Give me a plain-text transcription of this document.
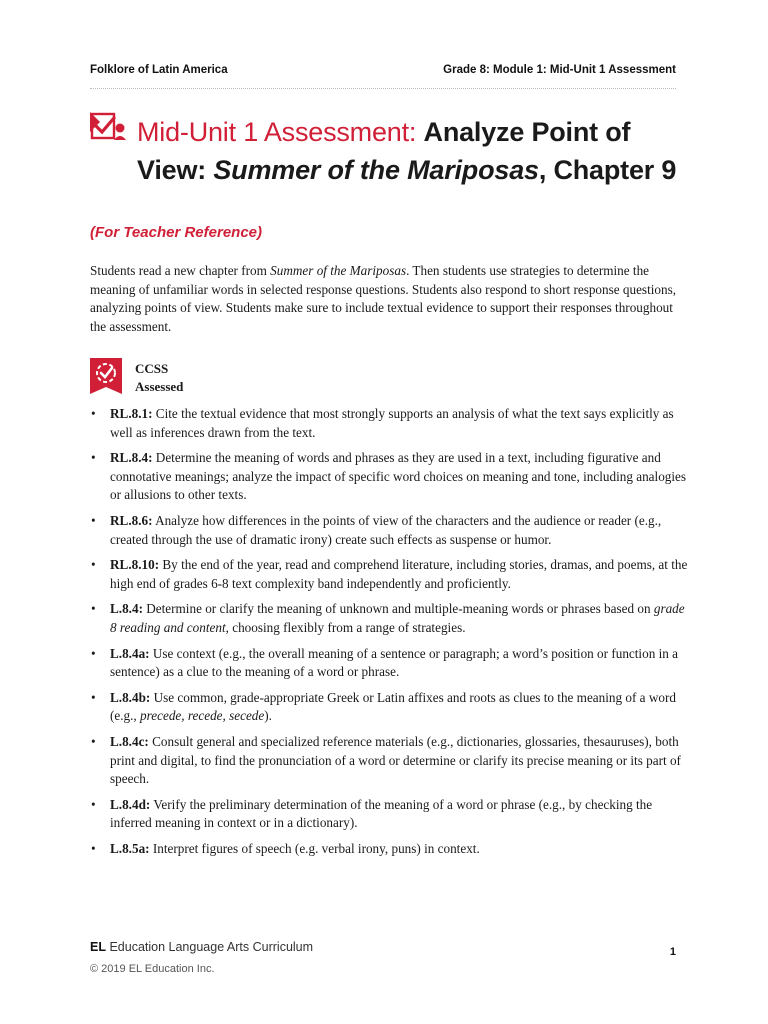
Folklore of Latin America	Grade 8: Module 1: Mid-Unit 1 Assessment
Mid-Unit 1 Assessment: Analyze Point of View: Summer of the Mariposas, Chapter 9
(For Teacher Reference)

Students read a new chapter from Summer of the Mariposas. Then students use strategies to determine the meaning of unfamiliar words in selected response questions. Students also respond to short response questions, analyzing points of view. Students make sure to include textual evidence to support their responses throughout the assessment.

CCSS
Assessed
• RL.8.1: Cite the textual evidence that most strongly supports an analysis of what the text says explicitly as well as inferences drawn from the text.
• RL.8.4: Determine the meaning of words and phrases as they are used in a text, including figurative and connotative meanings; analyze the impact of specific word choices on meaning and tone, including analogies or allusions to other texts.
• RL.8.6: Analyze how differences in the points of view of the characters and the audience or reader (e.g., created through the use of dramatic irony) create such effects as suspense or humor.
• RL.8.10: By the end of the year, read and comprehend literature, including stories, dramas, and poems, at the high end of grades 6-8 text complexity band independently and proficiently.
• L.8.4: Determine or clarify the meaning of unknown and multiple-meaning words or phrases based on grade 8 reading and content, choosing flexibly from a range of strategies.
• L.8.4a: Use context (e.g., the overall meaning of a sentence or paragraph; a word’s position or function in a sentence) as a clue to the meaning of a word or phrase.
• L.8.4b: Use common, grade-appropriate Greek or Latin affixes and roots as clues to the meaning of a word (e.g., precede, recede, secede).
• L.8.4c: Consult general and specialized reference materials (e.g., dictionaries, glossaries, thesauruses), both print and digital, to find the pronunciation of a word or determine or clarify its precise meaning or its part of speech.
• L.8.4d: Verify the preliminary determination of the meaning of a word or phrase (e.g., by checking the inferred meaning in context or in a dictionary).
• L.8.5a: Interpret figures of speech (e.g. verbal irony, puns) in context.
EL Education Language Arts Curriculum
© 2019 EL Education Inc.
1
